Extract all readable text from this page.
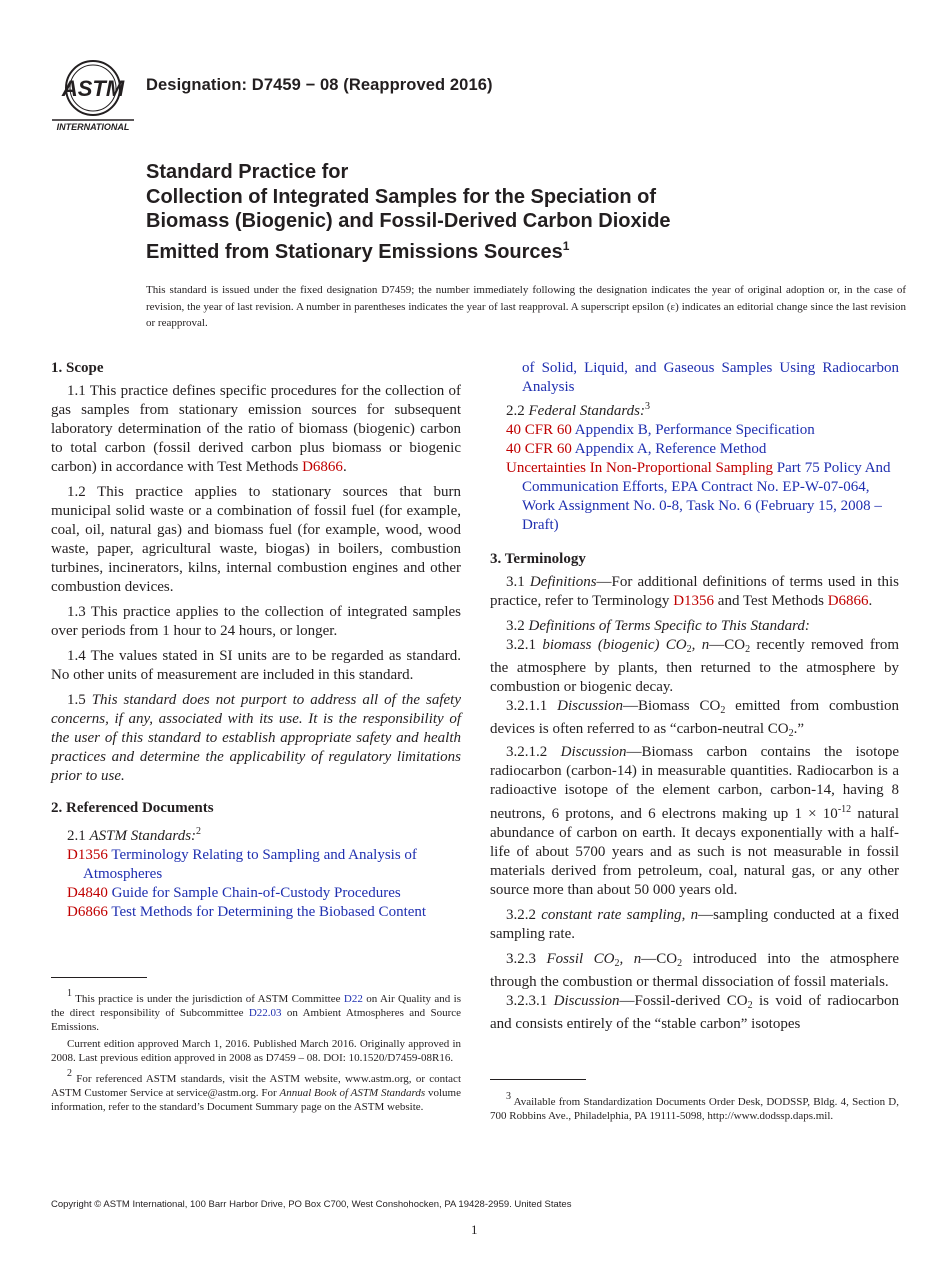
ASTM
INTERNATIONAL
Designation: D7459 − 08 (Reapproved 2016)
Standard Practice for
Collection of Integrated Samples for the Speciation of
Biomass (Biogenic) and Fossil-Derived Carbon Dioxide
Emitted from Stationary Emissions Sources$^1$
This standard is issued under the fixed designation D7459; the number immediately following the designation indicates the year of original adoption or, in the case of revision, the year of last revision. A number in parentheses indicates the year of last reapproval. A superscript epsilon (ε) indicates an editorial change since the last revision or reapproval.
1. Scope
1.1 This practice defines specific procedures for the collection of gas samples from stationary emission sources for subsequent laboratory determination of the ratio of biomass (biogenic) carbon to total carbon (fossil derived carbon plus biomass or biogenic carbon) in accordance with Test Methods D6866.
1.2 This practice applies to stationary sources that burn municipal solid waste or a combination of fossil fuel (for example, coal, oil, natural gas) and biomass fuel (for example, wood, wood waste, paper, agricultural waste, biogas) in boilers, combustion turbines, incinerators, kilns, internal combustion engines and other combustion devices.
1.3 This practice applies to the collection of integrated samples over periods from 1 hour to 24 hours, or longer.
1.4 The values stated in SI units are to be regarded as standard. No other units of measurement are included in this standard.
1.5 This standard does not purport to address all of the safety concerns, if any, associated with its use. It is the responsibility of the user of this standard to establish appropriate safety and health practices and determine the applicability of regulatory limitations prior to use.
2. Referenced Documents
2.1 ASTM Standards:$^2$
D1356 Terminology Relating to Sampling and Analysis of Atmospheres
D4840 Guide for Sample Chain-of-Custody Procedures
D6866 Test Methods for Determining the Biobased Content

1 This practice is under the jurisdiction of ASTM Committee D22 on Air Quality and is the direct responsibility of Subcommittee D22.03 on Ambient Atmospheres and Source Emissions.

Current edition approved March 1, 2016. Published March 2016. Originally approved in 2008. Last previous edition approved in 2008 as D7459 – 08. DOI: 10.1520/D7459-08R16.

2 For referenced ASTM standards, visit the ASTM website, www.astm.org, or contact ASTM Customer Service at service@astm.org. For Annual Book of ASTM Standards volume information, refer to the standard’s Document Summary page on the ASTM website.

of Solid, Liquid, and Gaseous Samples Using Radiocarbon Analysis
2.2 Federal Standards:$^3$
40 CFR 60 Appendix B, Performance Specification
40 CFR 60 Appendix A, Reference Method
Uncertainties In Non-Proportional Sampling Part 75 Policy And Communication Efforts, EPA Contract No. EP-W-07-064, Work Assignment No. 0-8, Task No. 6 (February 15, 2008 – Draft)
3. Terminology
3.1 Definitions—For additional definitions of terms used in this practice, refer to Terminology D1356 and Test Methods D6866.
3.2 Definitions of Terms Specific to This Standard:
3.2.1 biomass (biogenic) $CO_2$, $n—CO_2$ recently removed from the atmosphere by plants, then returned to the atmosphere by combustion or biogenic decay.
3.2.1.1 Discussion—Biomass $CO_2$ emitted from combustion devices is often referred to as “carbon-neutral $CO_2$.”
3.2.1.2 Discussion—Biomass carbon contains the isotope radiocarbon (carbon-14) in measurable quantities. Radiocarbon is a radioactive isotope of the element carbon, carbon-14, having 8 neutrons, 6 protons, and 6 electrons making up $1 \times 10^{-12}$ natural abundance of carbon on earth. It decays exponentially with a half-life of about 5700 years and as such is not measurable in fossil materials derived from petroleum, coal, natural gas, or any other source more than about 50 000 years old.
3.2.2 constant rate sampling, n—sampling conducted at a fixed sampling rate.
3.2.3 Fossil $CO_2$, $n—CO_2$ introduced into the atmosphere through the combustion or thermal dissociation of fossil materials.
3.2.3.1 Discussion—Fossil-derived $CO_2$ is void of radiocarbon and consists entirely of the “stable carbon” isotopes

3 Available from Standardization Documents Order Desk, DODSSP, Bldg. 4, Section D, 700 Robbins Ave., Philadelphia, PA 19111-5098, http://www.dodssp.daps.mil.

Copyright © ASTM International, 100 Barr Harbor Drive, PO Box C700, West Conshohocken, PA 19428-2959. United States
1
